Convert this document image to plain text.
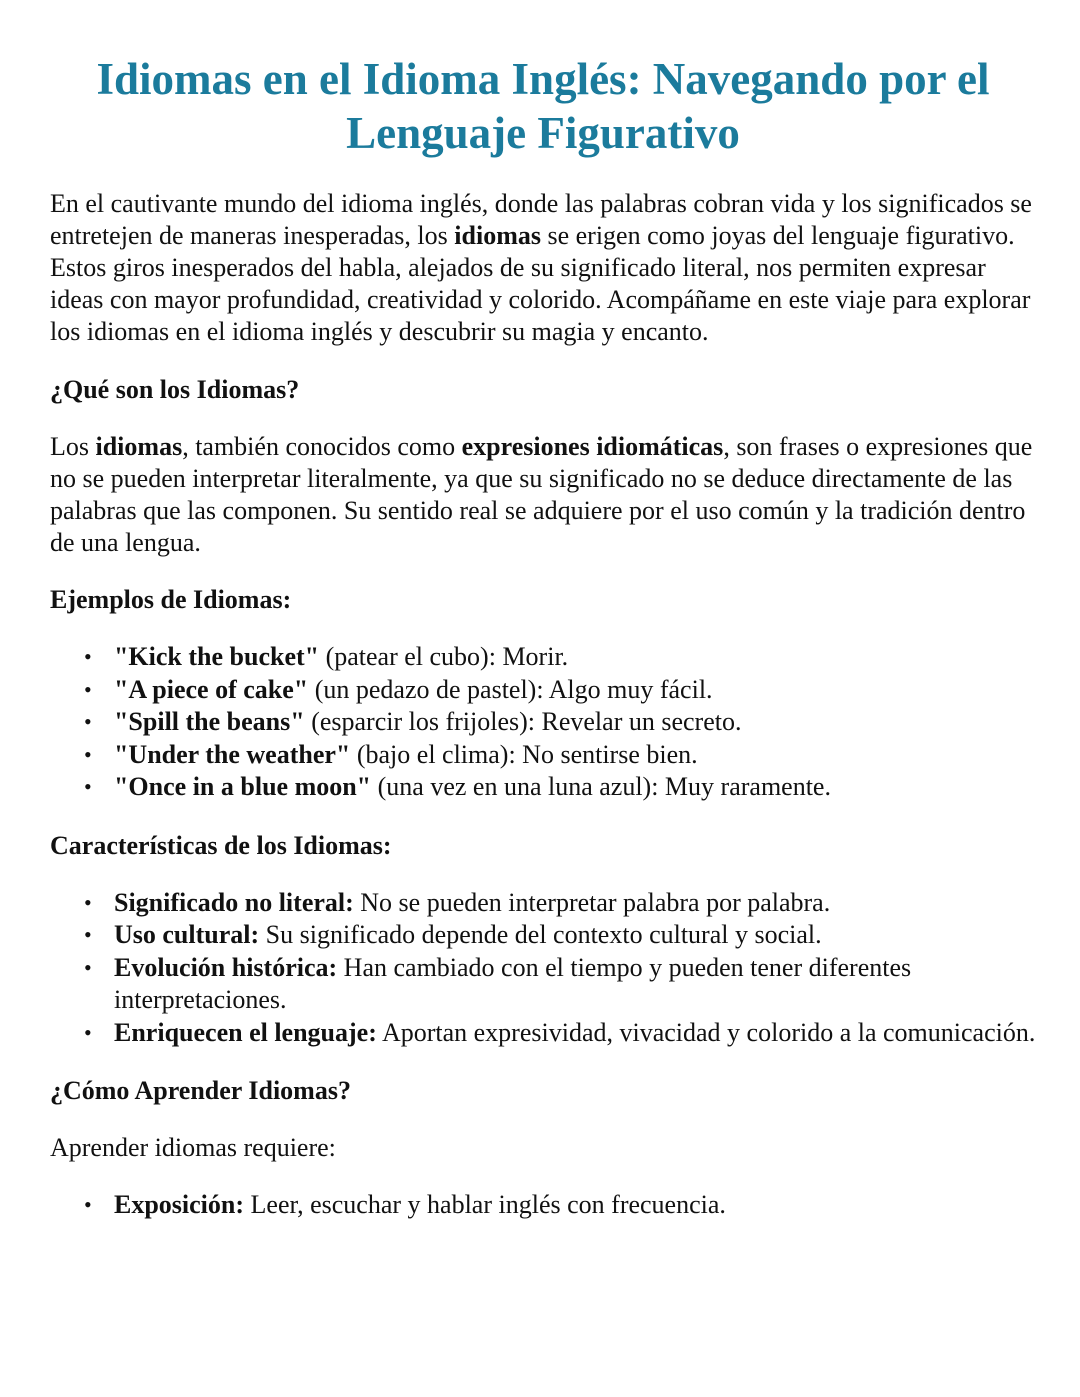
Idiomas en el Idioma Inglés: Navegando por el Lenguaje Figurativo

En el cautivante mundo del idioma inglés, donde las palabras cobran vida y los significados se entretejen de maneras inesperadas, los idiomas se erigen como joyas del lenguaje figurativo. Estos giros inesperados del habla, alejados de su significado literal, nos permiten expresar ideas con mayor profundidad, creatividad y colorido. Acompáñame en este viaje para explorar los idiomas en el idioma inglés y descubrir su magia y encanto.

¿Qué son los Idiomas?

Los idiomas, también conocidos como expresiones idiomáticas, son frases o expresiones que no se pueden interpretar literalmente, ya que su significado no se deduce directamente de las palabras que las componen. Su sentido real se adquiere por el uso común y la tradición dentro de una lengua.

Ejemplos de Idiomas:
• "Kick the bucket" (patear el cubo): Morir.
• "A piece of cake" (un pedazo de pastel): Algo muy fácil.
• "Spill the beans" (esparcir los frijoles): Revelar un secreto.
• "Under the weather" (bajo el clima): No sentirse bien.
• "Once in a blue moon" (una vez en una luna azul): Muy raramente.
Características de los Idiomas:
• Significado no literal: No se pueden interpretar palabra por palabra.
• Uso cultural: Su significado depende del contexto cultural y social.
• Evolución histórica: Han cambiado con el tiempo y pueden tener diferentes interpretaciones.
• Enriquecen el lenguaje: Aportan expresividad, vivacidad y colorido a la comunicación.
¿Cómo Aprender Idiomas?

Aprender idiomas requiere:

• Exposición: Leer, escuchar y hablar inglés con frecuencia.
